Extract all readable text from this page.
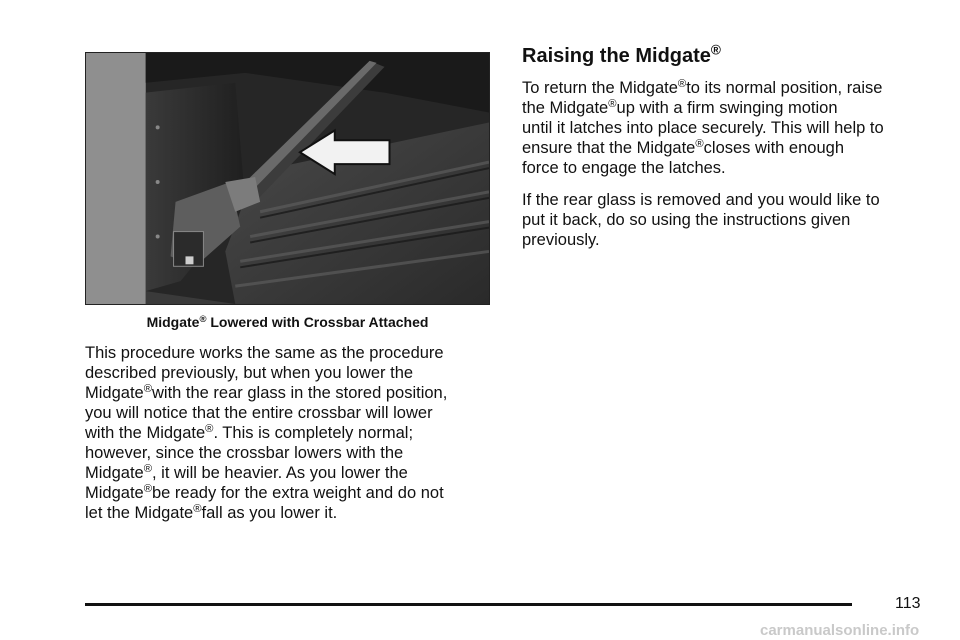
Midgate® Lowered with Crossbar Attached

This procedure works the same as the procedure
described previously, but when you lower the
Midgate®with the rear glass in the stored position,
you will notice that the entire crossbar will lower
with the Midgate®. This is completely normal;
however, since the crossbar lowers with the
Midgate®, it will be heavier. As you lower the
Midgate®be ready for the extra weight and do not
let the Midgate®fall as you lower it.

Raising the Midgate®

To return the Midgate®to its normal position, raise
the Midgate®up with a firm swinging motion
until it latches into place securely. This will help to
ensure that the Midgate®closes with enough
force to engage the latches.

If the rear glass is removed and you would like to
put it back, do so using the instructions given
previously.

113
carmanualsonline.info
